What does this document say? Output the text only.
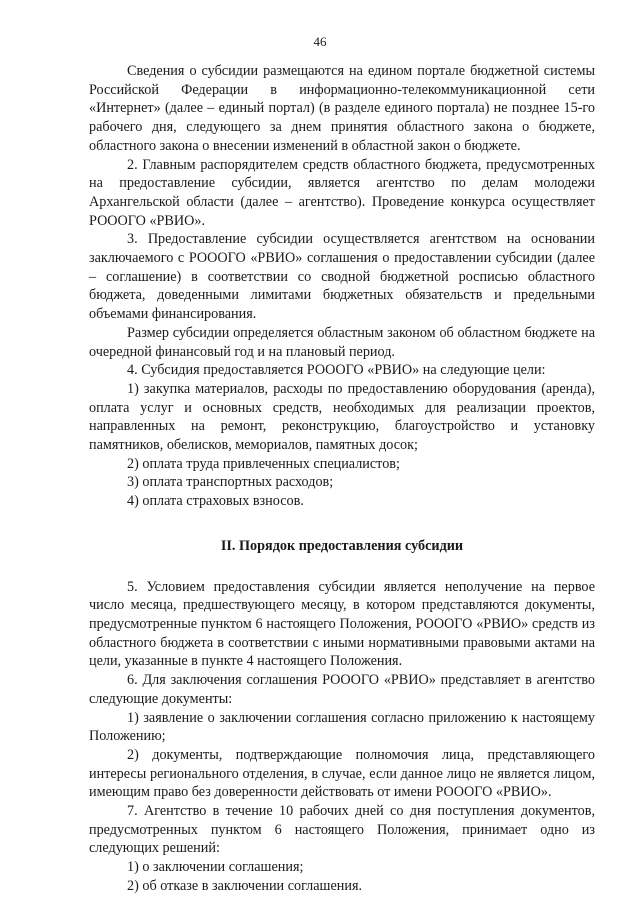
46

Сведения о субсидии размещаются на едином портале бюджетной системы Российской Федерации в информационно-телекоммуникационной сети «Интернет» (далее – единый портал) (в разделе единого портала) не позднее 15-го рабочего дня, следующего за днем принятия областного закона о бюджете, областного закона о внесении изменений в областной закон о бюджете.

2. Главным распорядителем средств областного бюджета, предусмотренных на предоставление субсидии, является агентство по делам молодежи Архангельской области (далее – агентство). Проведение конкурса осуществляет РОООГО «РВИО».

3. Предоставление субсидии осуществляется агентством на основании заключаемого с РОООГО «РВИО» соглашения о предоставлении субсидии (далее – соглашение) в соответствии со сводной бюджетной росписью областного бюджета, доведенными лимитами бюджетных обязательств и предельными объемами финансирования.

Размер субсидии определяется областным законом об областном бюджете на очередной финансовый год и на плановый период.

4. Субсидия предоставляется РОООГО «РВИО» на следующие цели:

1) закупка материалов, расходы по предоставлению оборудования (аренда), оплата услуг и основных средств, необходимых для реализации проектов, направленных на ремонт, реконструкцию, благоустройство и установку памятников, обелисков, мемориалов, памятных досок;

2) оплата труда привлеченных специалистов;

3) оплата транспортных расходов;

4) оплата страховых взносов.

II. Порядок предоставления субсидии

5. Условием предоставления субсидии является неполучение на первое число месяца, предшествующего месяцу, в котором представляются документы, предусмотренные пунктом 6 настоящего Положения, РОООГО «РВИО» средств из областного бюджета в соответствии с иными нормативными правовыми актами на цели, указанные в пункте 4 настоящего Положения.

6. Для заключения соглашения РОООГО «РВИО» представляет в агентство следующие документы:

1) заявление о заключении соглашения согласно приложению к настоящему Положению;

2) документы, подтверждающие полномочия лица, представляющего интересы регионального отделения, в случае, если данное лицо не является лицом, имеющим право без доверенности действовать от имени РОООГО «РВИО».

7. Агентство в течение 10 рабочих дней со дня поступления документов, предусмотренных пунктом 6 настоящего Положения, принимает одно из следующих решений:

1) о заключении соглашения;

2) об отказе в заключении соглашения.
